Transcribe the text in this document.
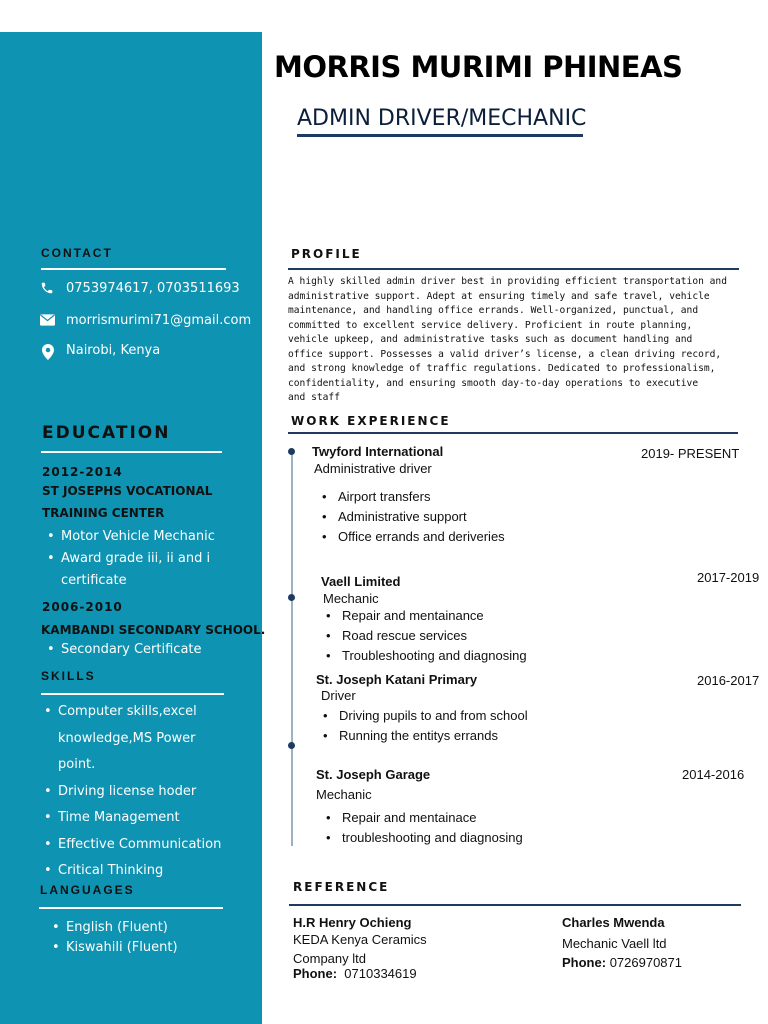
MORRIS MURIMI PHINEAS
ADMIN DRIVER/MECHANIC
CONTACT
0753974617, 0703511693
morrismurimi71@gmail.com
Nairobi, Kenya
EDUCATION
2012-2014
ST JOSEPHS VOCATIONAL
TRAINING CENTER
• Motor Vehicle Mechanic
• Award grade iii, ii and i
certificate
2006-2010
KAMBANDI SECONDARY SCHOOL.
• Secondary Certificate
SKILLS
• Computer skills,excel
knowledge,MS Power
point.
• Driving license hoder
• Time Management
• Effective Communication
• Critical Thinking
LANGUAGES
• English (Fluent)
• Kiswahili (Fluent)
PROFILE
A highly skilled admin driver best in providing efficient transportation and
administrative support. Adept at ensuring timely and safe travel, vehicle
maintenance, and handling office errands. Well-organized, punctual, and
committed to excellent service delivery. Proficient in route planning,
vehicle upkeep, and administrative tasks such as document handling and
office support. Possesses a valid driver’s license, a clean driving record,
and strong knowledge of traffic regulations. Dedicated to professionalism,
confidentiality, and ensuring smooth day-to-day operations to executive
and staff
WORK EXPERIENCE
Twyford International
Administrative driver
2019- PRESENT
• Airport transfers
• Administrative support
• Office errands and deriveries
Vaell Limited
Mechanic
2017-2019
• Repair and mentainance
• Road rescue services
• Troubleshooting and diagnosing
St. Joseph Katani Primary
Driver
2016-2017
• Driving pupils to and from school
• Running the entitys errands
St. Joseph Garage
Mechanic
2014-2016
• Repair and mentainace
• troubleshooting and diagnosing
REFERENCE
H.R Henry Ochieng
KEDA Kenya Ceramics
Company ltd
Phone: 0710334619
Charles Mwenda
Mechanic Vaell ltd
Phone: 0726970871
